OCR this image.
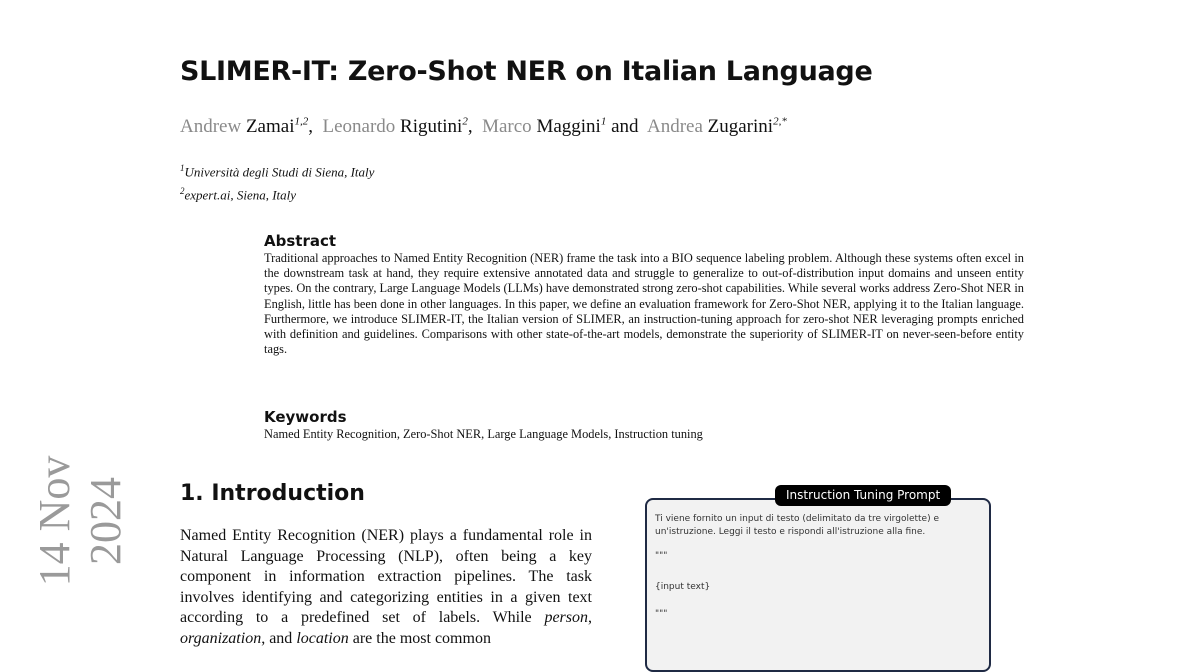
14 Nov 2024
SLIMER-IT: Zero-Shot NER on Italian Language
Andrew Zamai$^{1,2}$, Leonardo Rigutini$^2$, Marco Maggini$^1$ and Andrea Zugarini$^{2,*}$
$^1$Università degli Studi di Siena, Italy
$^2$expert.ai, Siena, Italy
Abstract
Traditional approaches to Named Entity Recognition (NER) frame the task into a BIO sequence labeling problem. Although these systems often excel in the downstream task at hand, they require extensive annotated data and struggle to generalize to out-of-distribution input domains and unseen entity types. On the contrary, Large Language Models (LLMs) have demonstrated strong zero-shot capabilities. While several works address Zero-Shot NER in English, little has been done in other languages. In this paper, we define an evaluation framework for Zero-Shot NER, applying it to the Italian language. Furthermore, we introduce SLIMER-IT, the Italian version of SLIMER, an instruction-tuning approach for zero-shot NER leveraging prompts enriched with definition and guidelines. Comparisons with other state-of-the-art models, demonstrate the superiority of SLIMER-IT on never-seen-before entity tags.
Keywords
Named Entity Recognition, Zero-Shot NER, Large Language Models, Instruction tuning
1. Introduction
Named Entity Recognition (NER) plays a fundamental role in Natural Language Processing (NLP), often being a key component in information extraction pipelines. The task involves identifying and categorizing entities in a given text according to a predefined set of labels. While person, organization, and location are the most common
Instruction Tuning Prompt

Ti viene fornito un input di testo (delimitato da tre virgolette) e un'istruzione. Leggi il testo e rispondi all'istruzione alla fine.

"""

{input text}

"""
